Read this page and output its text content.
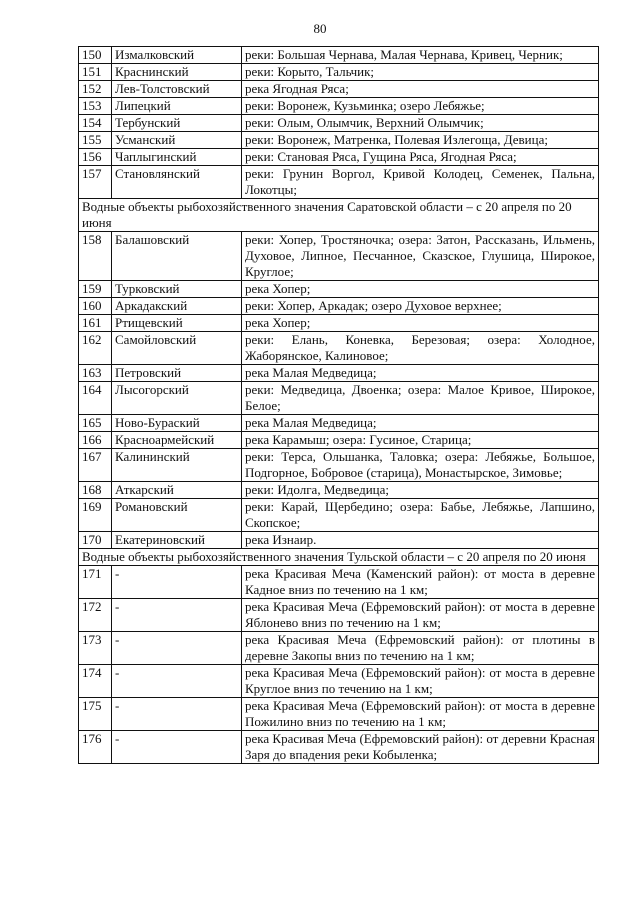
80
150	Измалковский	реки: Большая Чернава, Малая Чернава, Кривец, Черник;
151	Краснинский	реки: Корыто, Тальчик;
152	Лев-Толстовский	река Ягодная Ряса;
153	Липецкий	реки: Воронеж, Кузьминка; озеро Лебяжье;
154	Тербунский	реки: Олым, Олымчик, Верхний Олымчик;
155	Усманский	реки: Воронеж, Матренка, Полевая Излегоща, Девица;
156	Чаплыгинский	реки: Становая Ряса, Гущина Ряса, Ягодная Ряса;
157	Становлянский	реки: Грунин Воргол, Кривой Колодец, Семенек, Пальна, Локотцы;
Водные объекты рыбохозяйственного значения Саратовской области – с 20 апреля по 20 июня		
158	Балашовский	реки: Хопер, Тростяночка; озера: Затон, Рассказань, Ильмень, Духовое, Липное, Песчанное, Сказское, Глушица, Широкое, Круглое;
159	Турковский	река Хопер;
160	Аркадакский	реки: Хопер, Аркадак; озеро Духовое верхнее;
161	Ртищевский	река Хопер;
162	Самойловский	реки: Елань, Коневка, Березовая; озера: Холодное, Жаборянское, Калиновое;
163	Петровский	река Малая Медведица;
164	Лысогорский	реки: Медведица, Двоенка; озера: Малое Кривое, Широкое, Белое;
165	Ново-Бураский	река Малая Медведица;
166	Красноармейский	река Карамыш; озера: Гусиное, Старица;
167	Калининский	реки: Терса, Ольшанка, Таловка; озера: Лебяжье, Большое, Подгорное, Бобровое (старица), Монастырское, Зимовье;
168	Аткарский	реки: Идолга, Медведица;
169	Романовский	реки: Карай, Щербедино; озера: Бабье, Лебяжье, Лапшино, Скопское;
170	Екатериновский	река Изнаир.
Водные объекты рыбохозяйственного значения Тульской области – с 20 апреля по 20 июня		
171	-	река Красивая Меча (Каменский район): от моста в деревне Кадное вниз по течению на 1 км;
172	-	река Красивая Меча (Ефремовский район): от моста в деревне Яблонево вниз по течению на 1 км;
173	-	река Красивая Меча (Ефремовский район): от плотины в деревне Закопы вниз по течению на 1 км;
174	-	река Красивая Меча (Ефремовский район): от моста в деревне Круглое вниз по течению на 1 км;
175	-	река Красивая Меча (Ефремовский район): от моста в деревне Пожилино вниз по течению на 1 км;
176	-	река Красивая Меча (Ефремовский район): от деревни Красная Заря до впадения реки Кобыленка;
